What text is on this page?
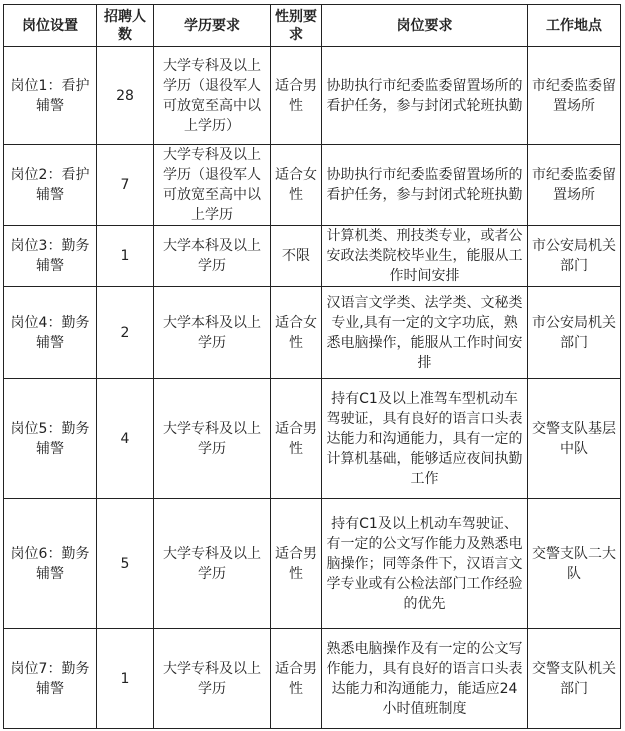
岗位设置	招聘人数	学历要求	性别要求	岗位要求	工作地点
岗位1：看护辅警	28	大学专科及以上学历（退役军人可放宽至高中以上学历）	适合男性	协助执行市纪委监委留置场所的看护任务，参与封闭式轮班执勤	市纪委监委留置场所
岗位2：看护辅警	7	大学专科及以上学历（退役军人可放宽至高中以上学历	适合女性	协助执行市纪委监委留置场所的看护任务，参与封闭式轮班执勤	市纪委监委留置场所
岗位3：勤务辅警	1	大学本科及以上学历	不限	计算机类、刑技类专业，或者公安政法类院校毕业生，能服从工作时间安排	市公安局机关部门
岗位4：勤务辅警	2	大学本科及以上学历	适合女性	汉语言文学类、法学类、文秘类专业,具有一定的文字功底，熟悉电脑操作，能服从工作时间安排	市公安局机关部门
岗位5：勤务辅警	4	大学专科及以上学历	适合男性	持有C1及以上准驾车型机动车驾驶证，具有良好的语言口头表达能力和沟通能力，具有一定的计算机基础，能够适应夜间执勤工作	交警支队基层中队
岗位6：勤务辅警	5	大学专科及以上学历	适合男性	持有C1及以上机动车驾驶证、有一定的公文写作能力及熟悉电脑操作；同等条件下，汉语言文学专业或有公检法部门工作经验的优先	交警支队二大队
岗位7：勤务辅警	1	大学专科及以上学历	适合男性	熟悉电脑操作及有一定的公文写作能力，具有良好的语言口头表达能力和沟通能力，能适应24小时值班制度	交警支队机关部门
